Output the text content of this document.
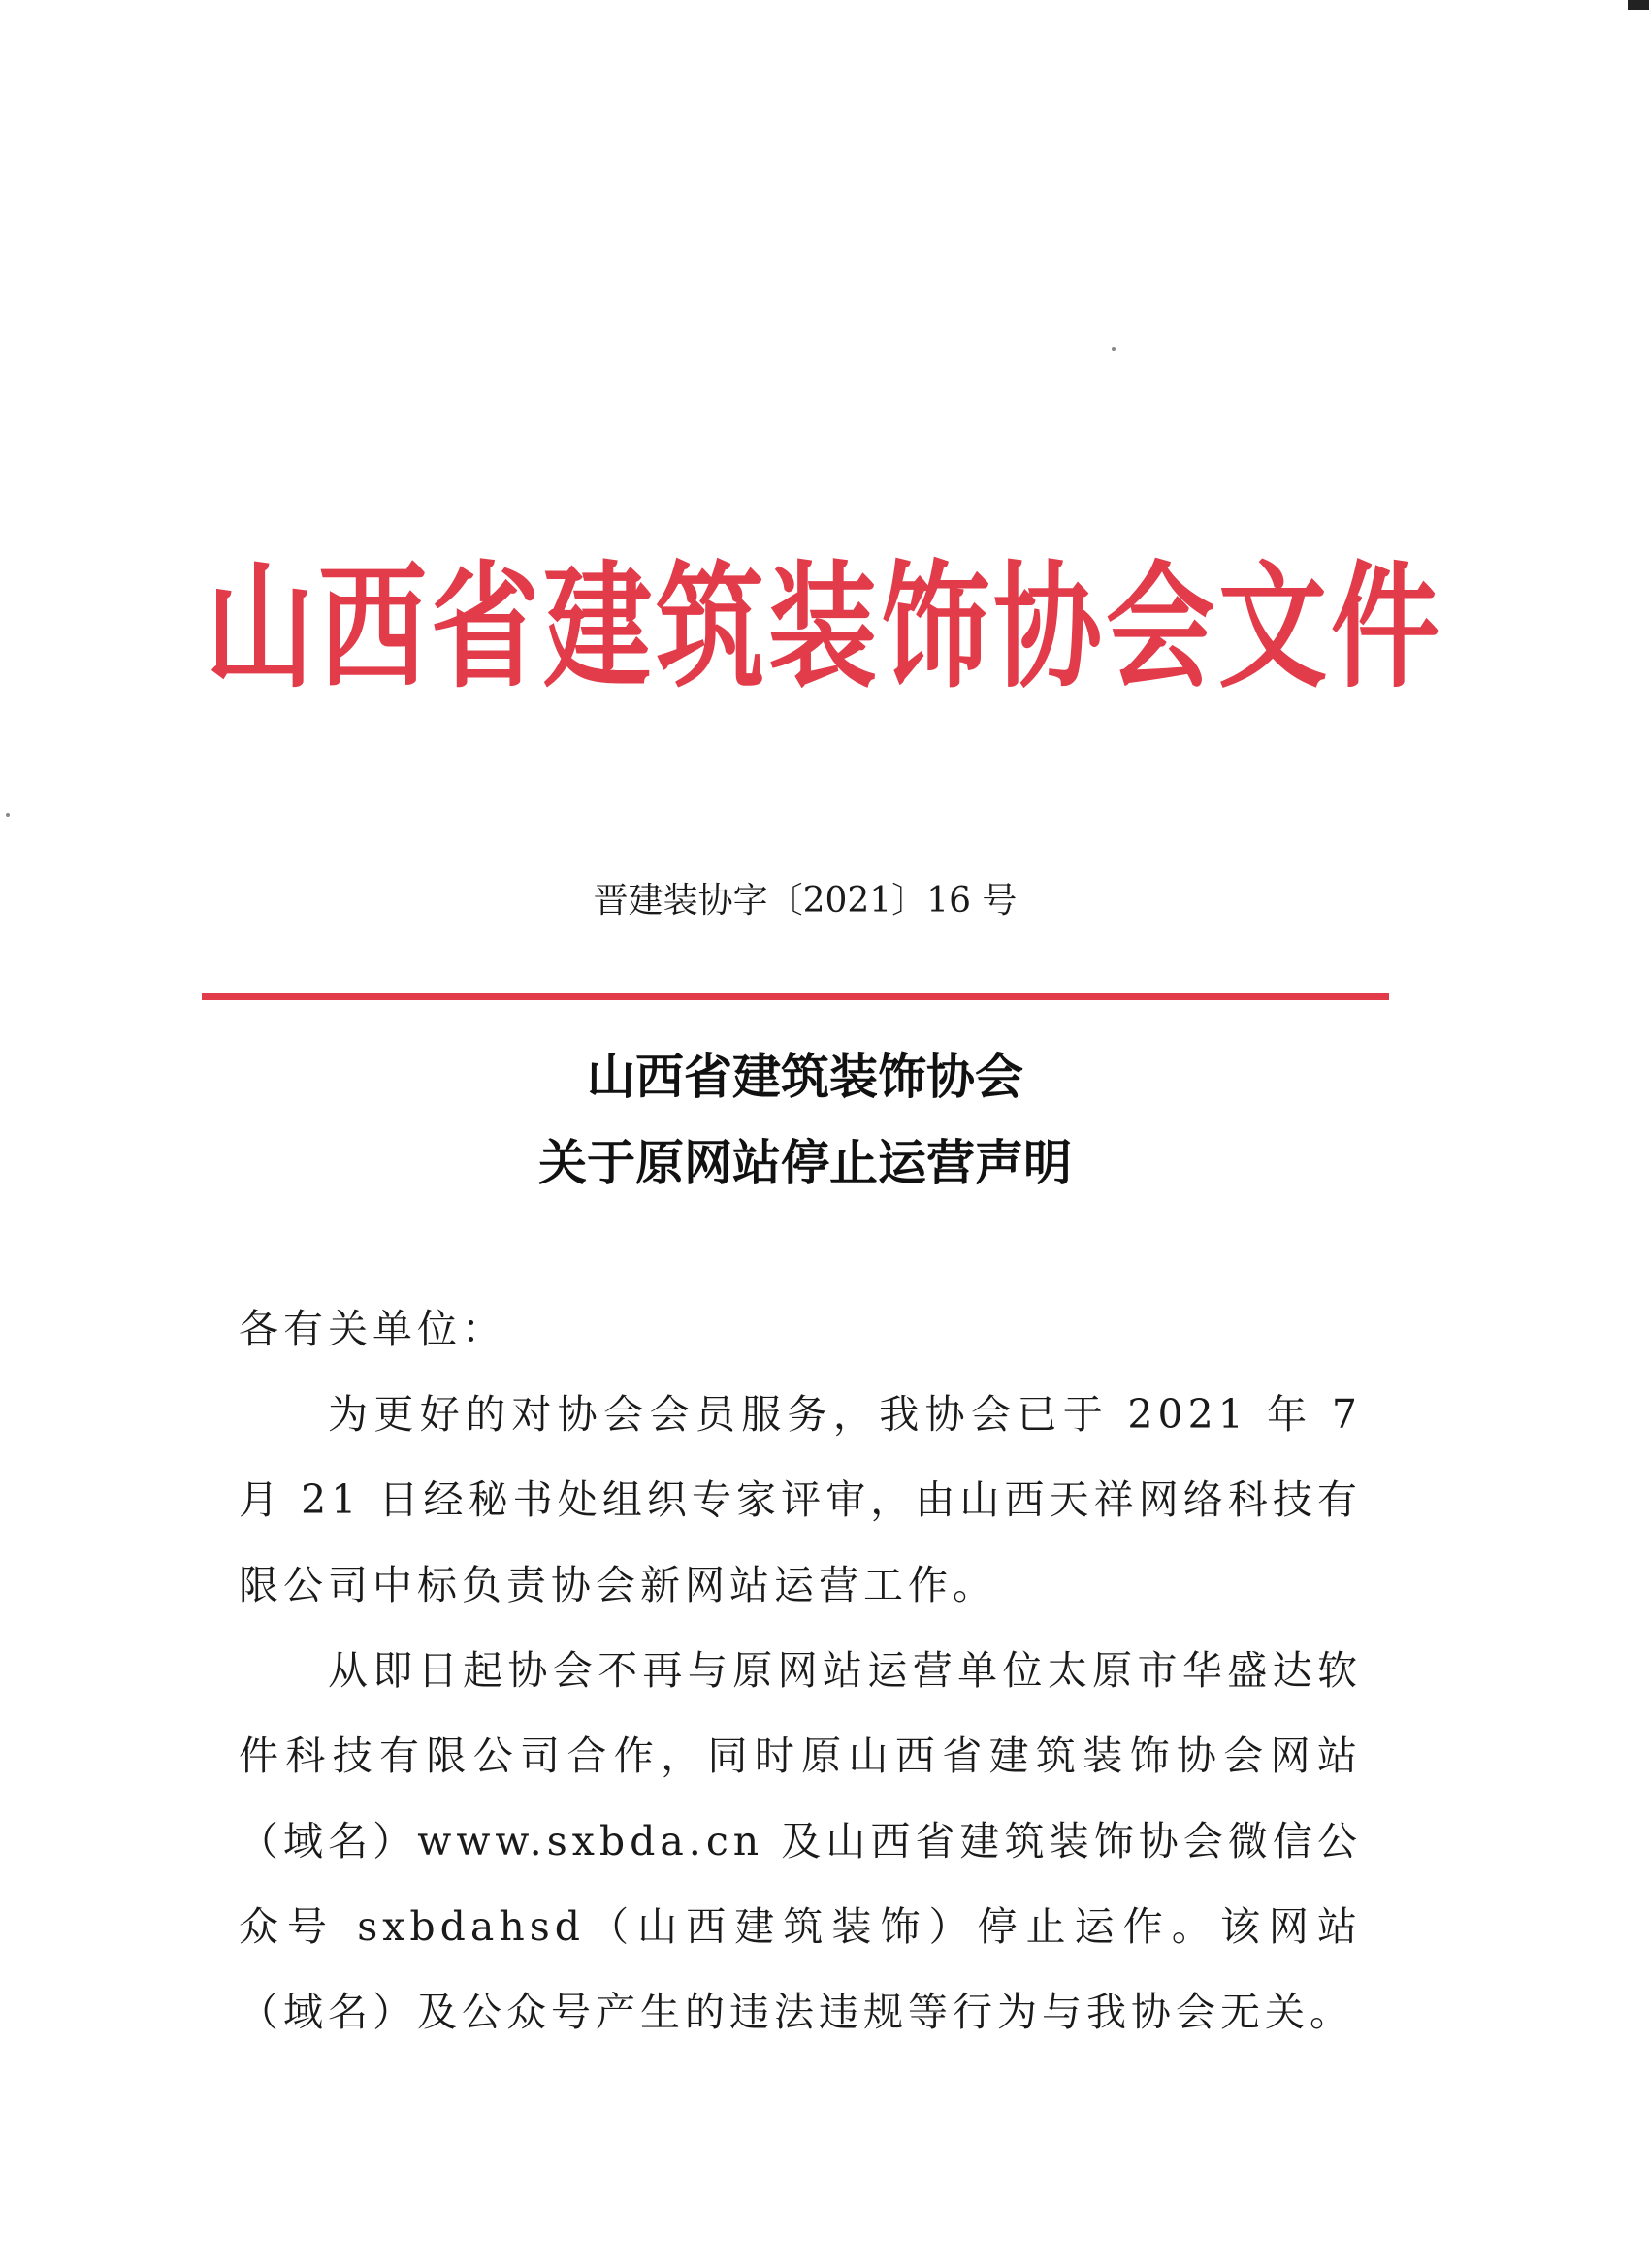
山西省建筑装饰协会文件
晋建装协字〔2021〕16 号
山西省建筑装饰协会
关于原网站停止运营声明
各有关单位：
为更好的对协会会员服务，我协会已于 2021 年 7 月 21 日经秘书处组织专家评审，由山西天祥网络科技有限公司中标负责协会新网站运营工作。
从即日起协会不再与原网站运营单位太原市华盛达软件科技有限公司合作，同时原山西省建筑装饰协会网站（域名）www.sxbda.cn 及山西省建筑装饰协会微信公众号 sxbdahsd（山西建筑装饰）停止运作。该网站（域名）及公众号产生的违法违规等行为与我协会无关。
